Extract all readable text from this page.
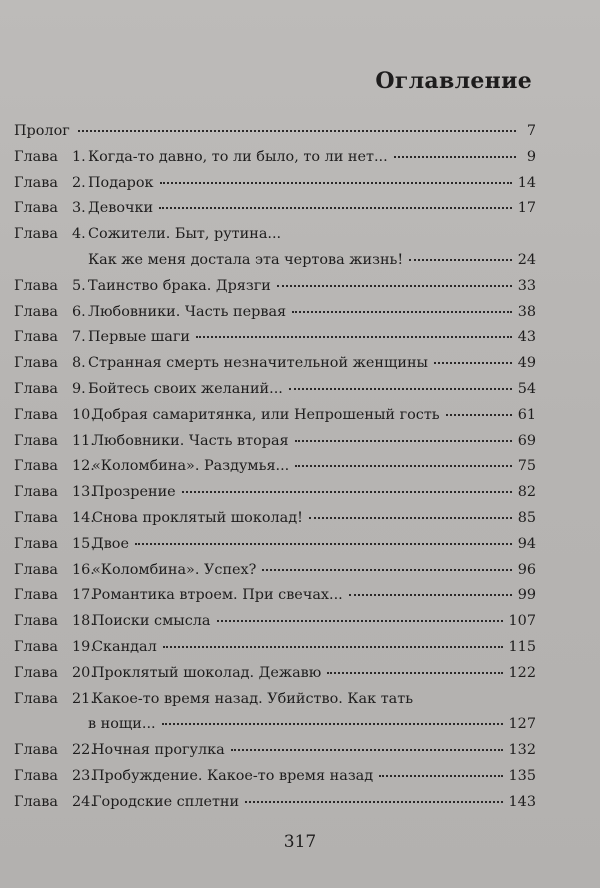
Оглавление
Пролог	7
Глава 1. Когда-то давно, то ли было, то ли нет...	9
Глава 2. Подарок	14
Глава 3. Девочки	17
Глава 4. Сожители. Быт, рутина...
Как же меня достала эта чертова жизнь!	24
Глава 5. Таинство брака. Дрязги	33
Глава 6. Любовники. Часть первая	38
Глава 7. Первые шаги	43
Глава 8. Странная смерть незначительной женщины	49
Глава 9. Бойтесь своих желаний...	54
Глава 10.Добрая самаритянка, или Непрошеный гость	61
Глава 11.Любовники. Часть вторая	69
Глава 12.«Коломбина». Раздумья...	75
Глава 13.Прозрение	82
Глава 14.Снова проклятый шоколад!	85
Глава 15.Двое	94
Глава 16.«Коломбина». Успех?	96
Глава 17.Романтика втроем. При свечах...	99
Глава 18.Поиски смысла	107
Глава 19.Скандал	115
Глава 20.Проклятый шоколад. Дежавю	122
Глава 21.Какое-то время назад. Убийство. Как тать
в нощи...	127
Глава 22.Ночная прогулка	132
Глава 23.Пробуждение. Какое-то время назад	135
Глава 24.Городские сплетни	143
317
